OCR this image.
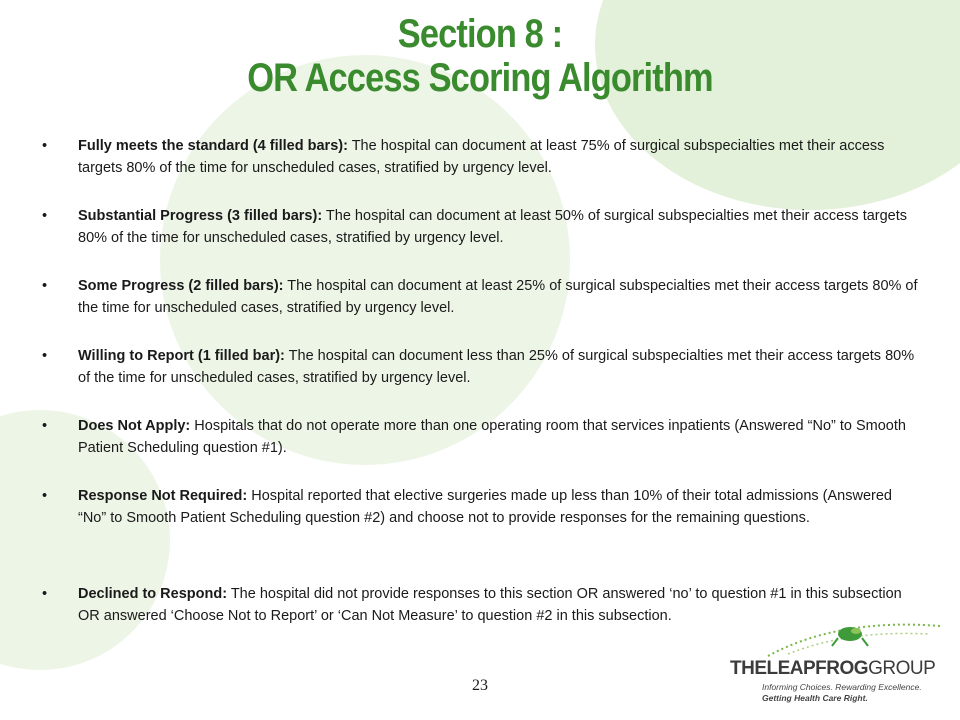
Section 8 :
OR Access Scoring Algorithm
• Fully meets the standard (4 filled bars): The hospital can document at least 75% of surgical subspecialties met their access targets 80% of the time for unscheduled cases, stratified by urgency level.
• Substantial Progress (3 filled bars): The hospital can document at least 50% of surgical subspecialties met their access targets 80% of the time for unscheduled cases, stratified by urgency level.
• Some Progress (2 filled bars): The hospital can document at least 25% of surgical subspecialties met their access targets 80% of the time for unscheduled cases, stratified by urgency level.
• Willing to Report (1 filled bar): The hospital can document less than 25% of surgical subspecialties met their access targets 80% of the time for unscheduled cases, stratified by urgency level.
• Does Not Apply: Hospitals that do not operate more than one operating room that services inpatients (Answered “No” to Smooth Patient Scheduling question #1).
• Response Not Required: Hospital reported that elective surgeries made up less than 10% of their total admissions (Answered “No” to Smooth Patient Scheduling question #2) and choose not to provide responses for the remaining questions.
• Declined to Respond: The hospital did not provide responses to this section OR answered ‘no’ to question #1 in this subsection OR answered ‘Choose Not to Report’ or ‘Can Not Measure’ to question #2 in this subsection.
23
THELEAPFROGGROUP
Informing Choices. Rewarding Excellence.
Getting Health Care Right.
